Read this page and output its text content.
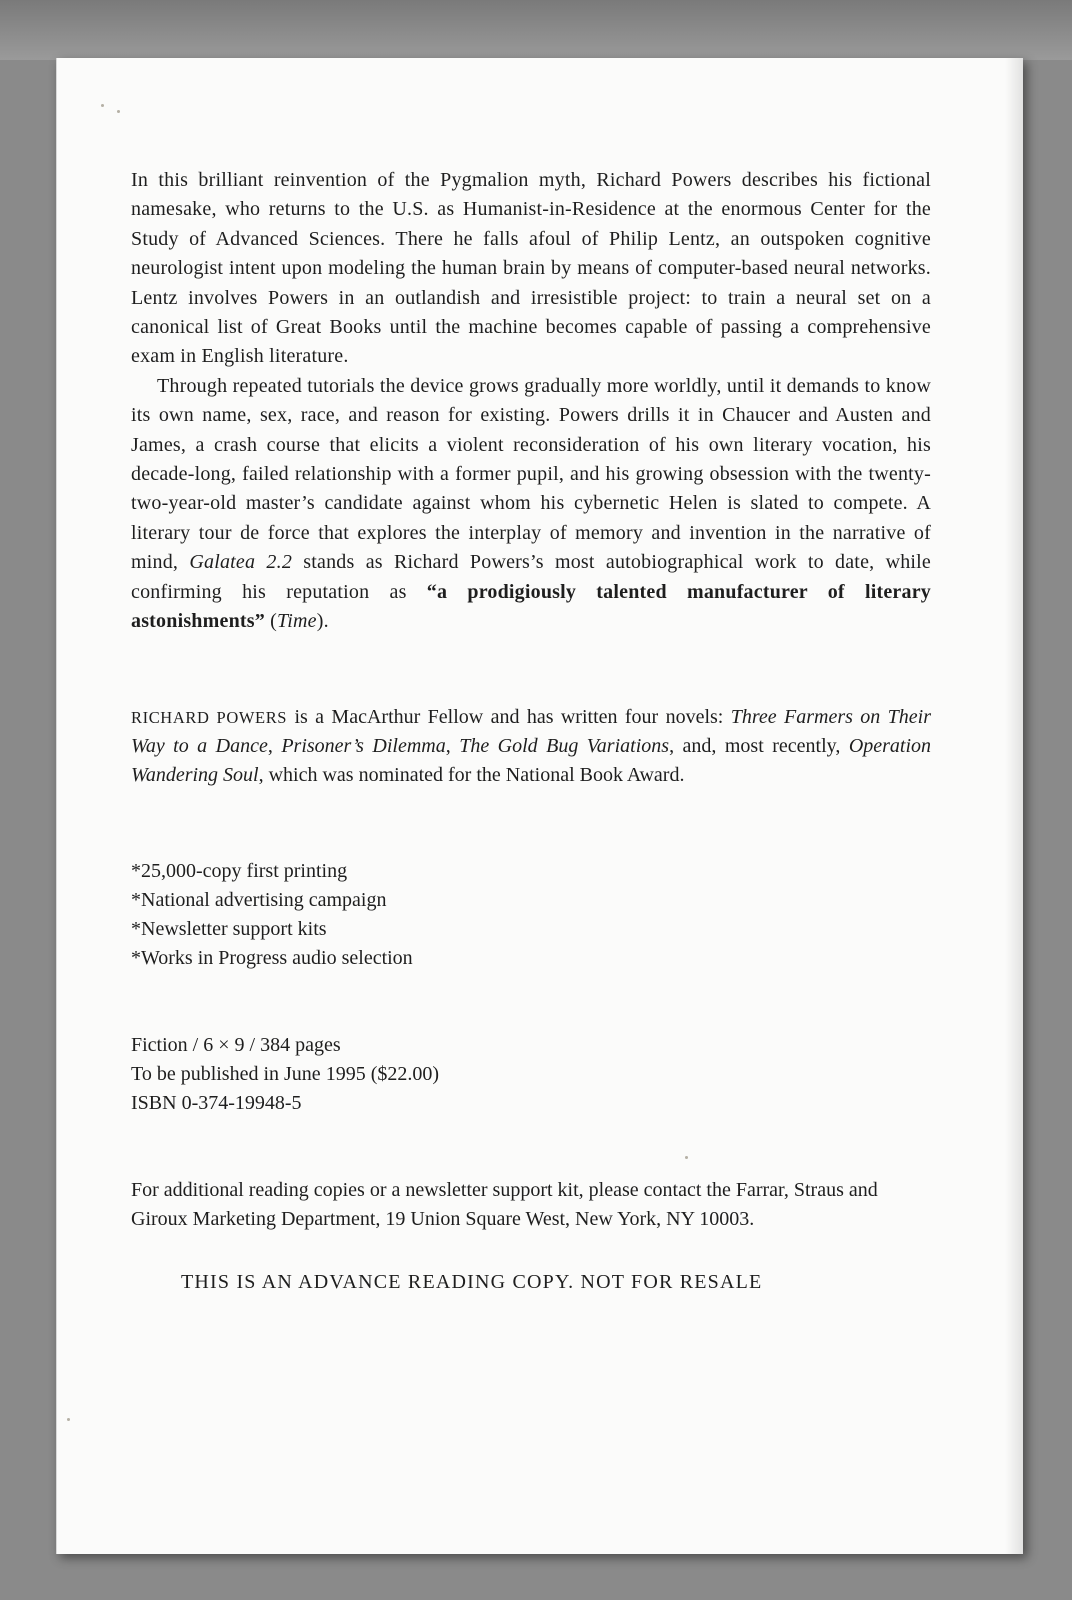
In this brilliant reinvention of the Pygmalion myth, Richard Powers describes his fictional namesake, who returns to the U.S. as Humanist-in-Residence at the enormous Center for the Study of Advanced Sciences. There he falls afoul of Philip Lentz, an outspoken cognitive neurologist intent upon modeling the human brain by means of computer-based neural networks. Lentz involves Powers in an outlandish and irresistible project: to train a neural set on a canonical list of Great Books until the machine becomes capable of passing a comprehensive exam in English literature.

Through repeated tutorials the device grows gradually more worldly, until it demands to know its own name, sex, race, and reason for existing. Powers drills it in Chaucer and Austen and James, a crash course that elicits a violent reconsideration of his own literary vocation, his decade-long, failed relationship with a former pupil, and his growing obsession with the twenty-two-year-old master’s candidate against whom his cybernetic Helen is slated to compete. A literary tour de force that explores the interplay of memory and invention in the narrative of mind, Galatea 2.2 stands as Richard Powers’s most autobiographical work to date, while confirming his reputation as “a prodigiously talented manufacturer of literary astonishments” (Time).

RICHARD POWERS is a MacArthur Fellow and has written four novels: Three Farmers on Their Way to a Dance, Prisoner’s Dilemma, The Gold Bug Variations, and, most recently, Operation Wandering Soul, which was nominated for the National Book Award.
*25,000-copy first printing
*National advertising campaign
*Newsletter support kits
*Works in Progress audio selection
Fiction / 6 × 9 / 384 pages
To be published in June 1995 ($22.00)
ISBN 0-374-19948-5
For additional reading copies or a newsletter support kit, please contact the Farrar, Straus and Giroux Marketing Department, 19 Union Square West, New York, NY 10003.
THIS IS AN ADVANCE READING COPY. NOT FOR RESALE
